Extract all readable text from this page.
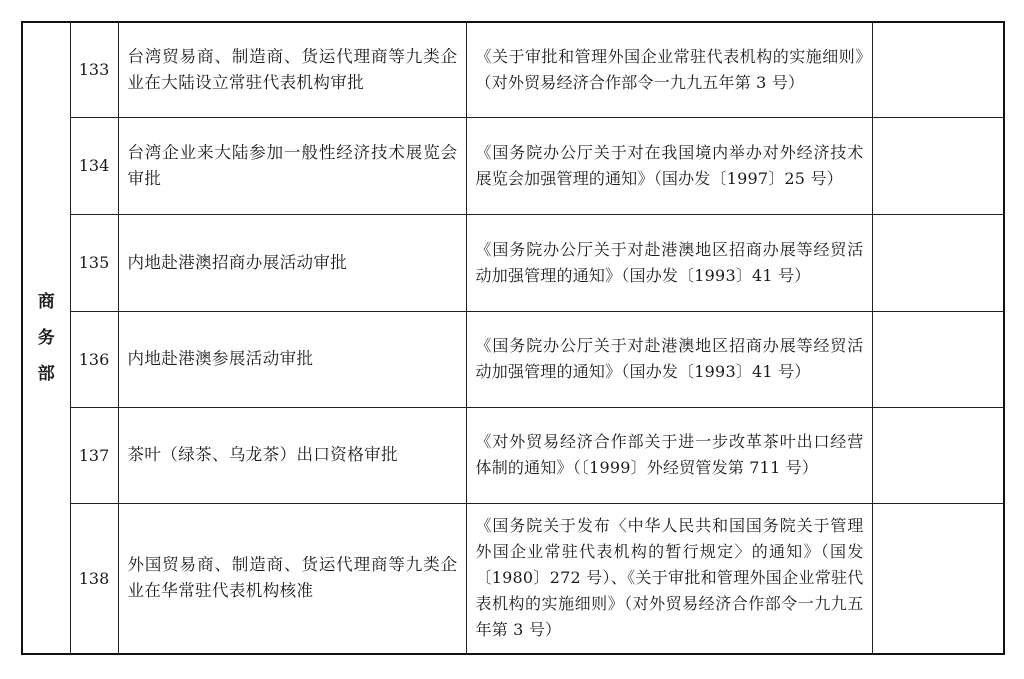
商
务
部	133	台湾贸易商、制造商、货运代理商等九类企业在大陆设立常驻代表机构审批	《关于审批和管理外国企业常驻代表机构的实施细则》（对外贸易经济合作部令一九九五年第 3 号）	
	134	台湾企业来大陆参加一般性经济技术展览会审批	《国务院办公厅关于对在我国境内举办对外经济技术展览会加强管理的通知》（国办发〔1997〕25 号）	
	135	内地赴港澳招商办展活动审批	《国务院办公厅关于对赴港澳地区招商办展等经贸活动加强管理的通知》（国办发〔1993〕41 号）	
	136	内地赴港澳参展活动审批	《国务院办公厅关于对赴港澳地区招商办展等经贸活动加强管理的通知》（国办发〔1993〕41 号）	
	137	茶叶（绿茶、乌龙茶）出口资格审批	《对外贸易经济合作部关于进一步改革茶叶出口经营体制的通知》（〔1999〕外经贸管发第 711 号）	
	138	外国贸易商、制造商、货运代理商等九类企业在华常驻代表机构核准	《国务院关于发布〈中华人民共和国国务院关于管理外国企业常驻代表机构的暂行规定〉的通知》（国发〔1980〕272 号）、《关于审批和管理外国企业常驻代表机构的实施细则》（对外贸易经济合作部令一九九五年第 3 号）	
